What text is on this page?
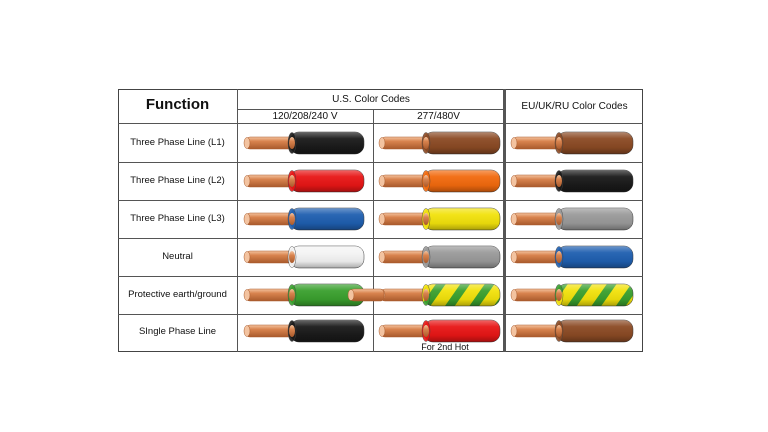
Function	U.S. Color Codes
120/208/240 V	277/480V
EU/UK/RU Color Codes
Three Phase Line (L1)
Three Phase Line (L2)
Three Phase Line (L3)
Neutral
Protective earth/ground
SIngle Phase Line
For 2nd Hot
